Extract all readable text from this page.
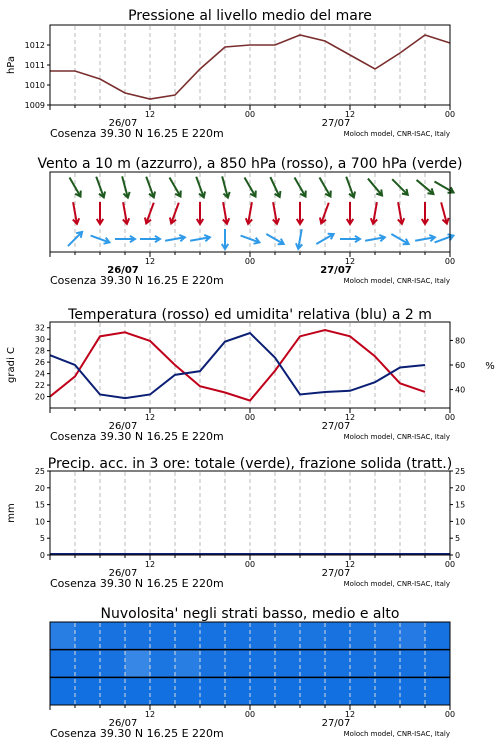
Pressione al livello medio del mare
1009
1010
1011
1012
hPa
12	00	12	00
26/07	27/07
Cosenza 39.30 N 16.25 E 220m	Moloch model, CNR-ISAC, Italy
Vento a 10 m (azzurro), a 850 hPa (rosso), a 700 hPa (verde)
12	00	12	00
26/07	27/07
Cosenza 39.30 N 16.25 E 220m	Moloch model, CNR-ISAC, Italy
Temperatura (rosso) ed umidita' relativa (blu) a 2 m
20
22
24
26
28
30
32
40
60
80
gradi C	%
12	00	12	00
26/07	27/07
Cosenza 39.30 N 16.25 E 220m	Moloch model, CNR-ISAC, Italy
Precip. acc. in 3 ore: totale (verde), frazione solida (tratt.)
0
5
10
15
20
25
0
5
10
15
20
25
mm
12	00	12	00
26/07	27/07
Cosenza 39.30 N 16.25 E 220m	Moloch model, CNR-ISAC, Italy
Nuvolosita' negli strati basso, medio e alto
12	00	12	00
26/07	27/07
Cosenza 39.30 N 16.25 E 220m	Moloch model, CNR-ISAC, Italy
